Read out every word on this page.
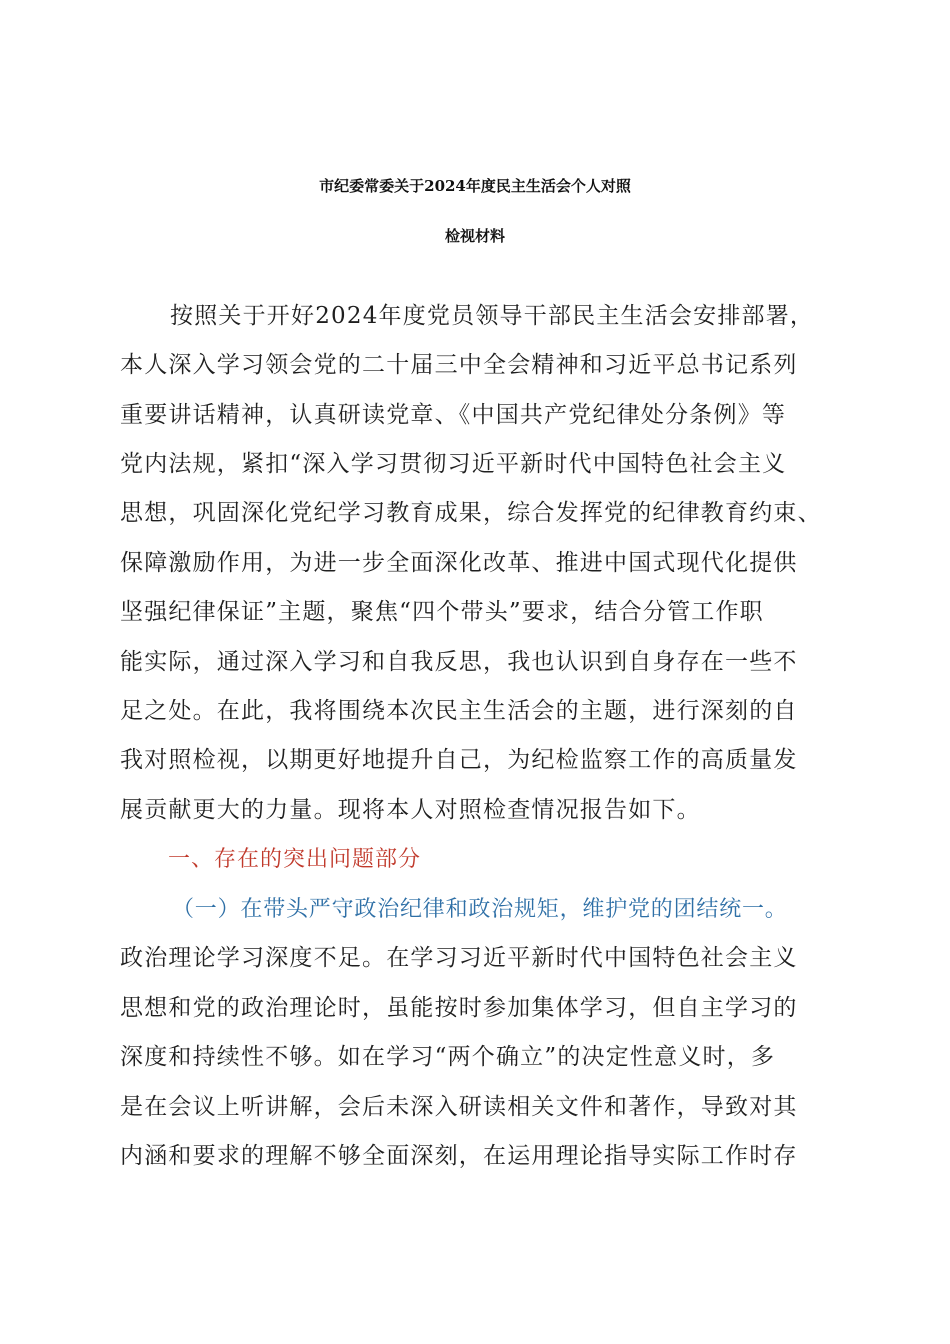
市纪委常委关于2024年度民主生活会个人对照
检视材料
按照关于开好2024年度党员领导干部民主生活会安排部署，
本人深入学习领会党的二十届三中全会精神和习近平总书记系列
重要讲话精神，认真研读党章、《中国共产党纪律处分条例》等
党内法规，紧扣“深入学习贯彻习近平新时代中国特色社会主义
思想，巩固深化党纪学习教育成果，综合发挥党的纪律教育约束、
保障激励作用，为进一步全面深化改革、推进中国式现代化提供
坚强纪律保证”主题，聚焦“四个带头”要求，结合分管工作职
能实际，通过深入学习和自我反思，我也认识到自身存在一些不
足之处。在此，我将围绕本次民主生活会的主题，进行深刻的自
我对照检视，以期更好地提升自己，为纪检监察工作的高质量发
展贡献更大的力量。现将本人对照检查情况报告如下。
一、存在的突出问题部分
（一）在带头严守政治纪律和政治规矩，维护党的团结统一。
政治理论学习深度不足。在学习习近平新时代中国特色社会主义
思想和党的政治理论时，虽能按时参加集体学习，但自主学习的
深度和持续性不够。如在学习“两个确立”的决定性意义时，多
是在会议上听讲解，会后未深入研读相关文件和著作，导致对其
内涵和要求的理解不够全面深刻，在运用理论指导实际工作时存
